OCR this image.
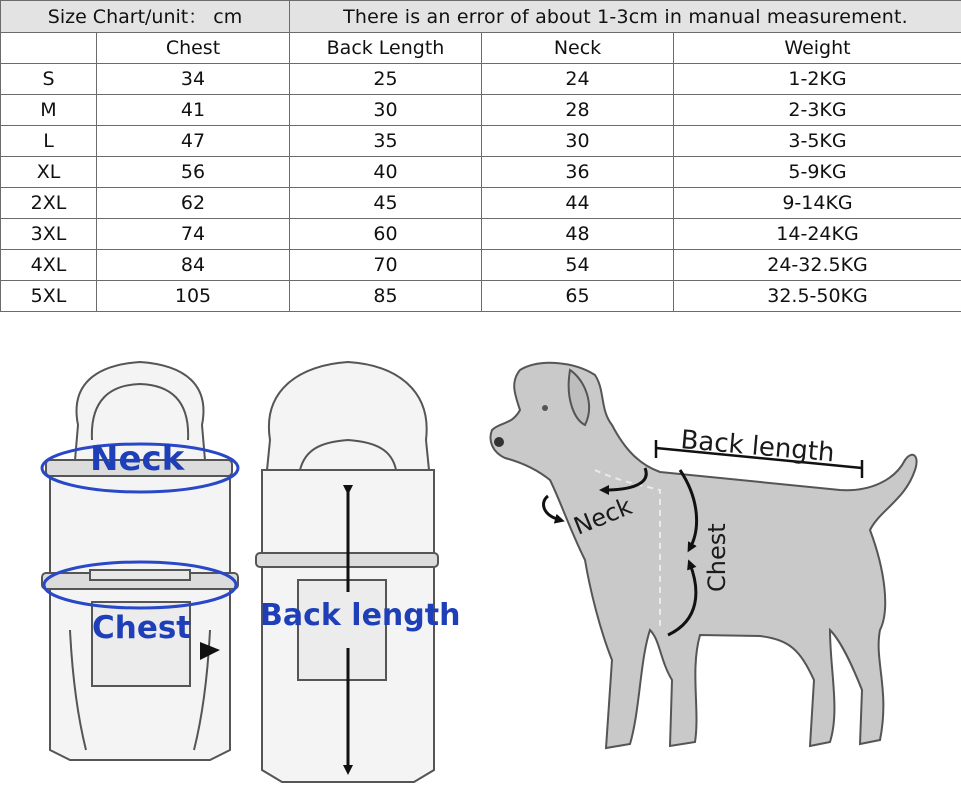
Size Chart/unit： cm		There is an error of about 1-3cm in manual measurement.		
	Chest	Back Length	Neck	Weight
S	34	25	24	1-2KG
M	41	30	28	2-3KG
L	47	35	30	3-5KG
XL	56	40	36	5-9KG
2XL	62	45	44	9-14KG
3XL	74	60	48	14-24KG
4XL	84	70	54	24-32.5KG
5XL	105	85	65	32.5-50KG
Neck
Chest Back length
Back length
Neck
Chest
